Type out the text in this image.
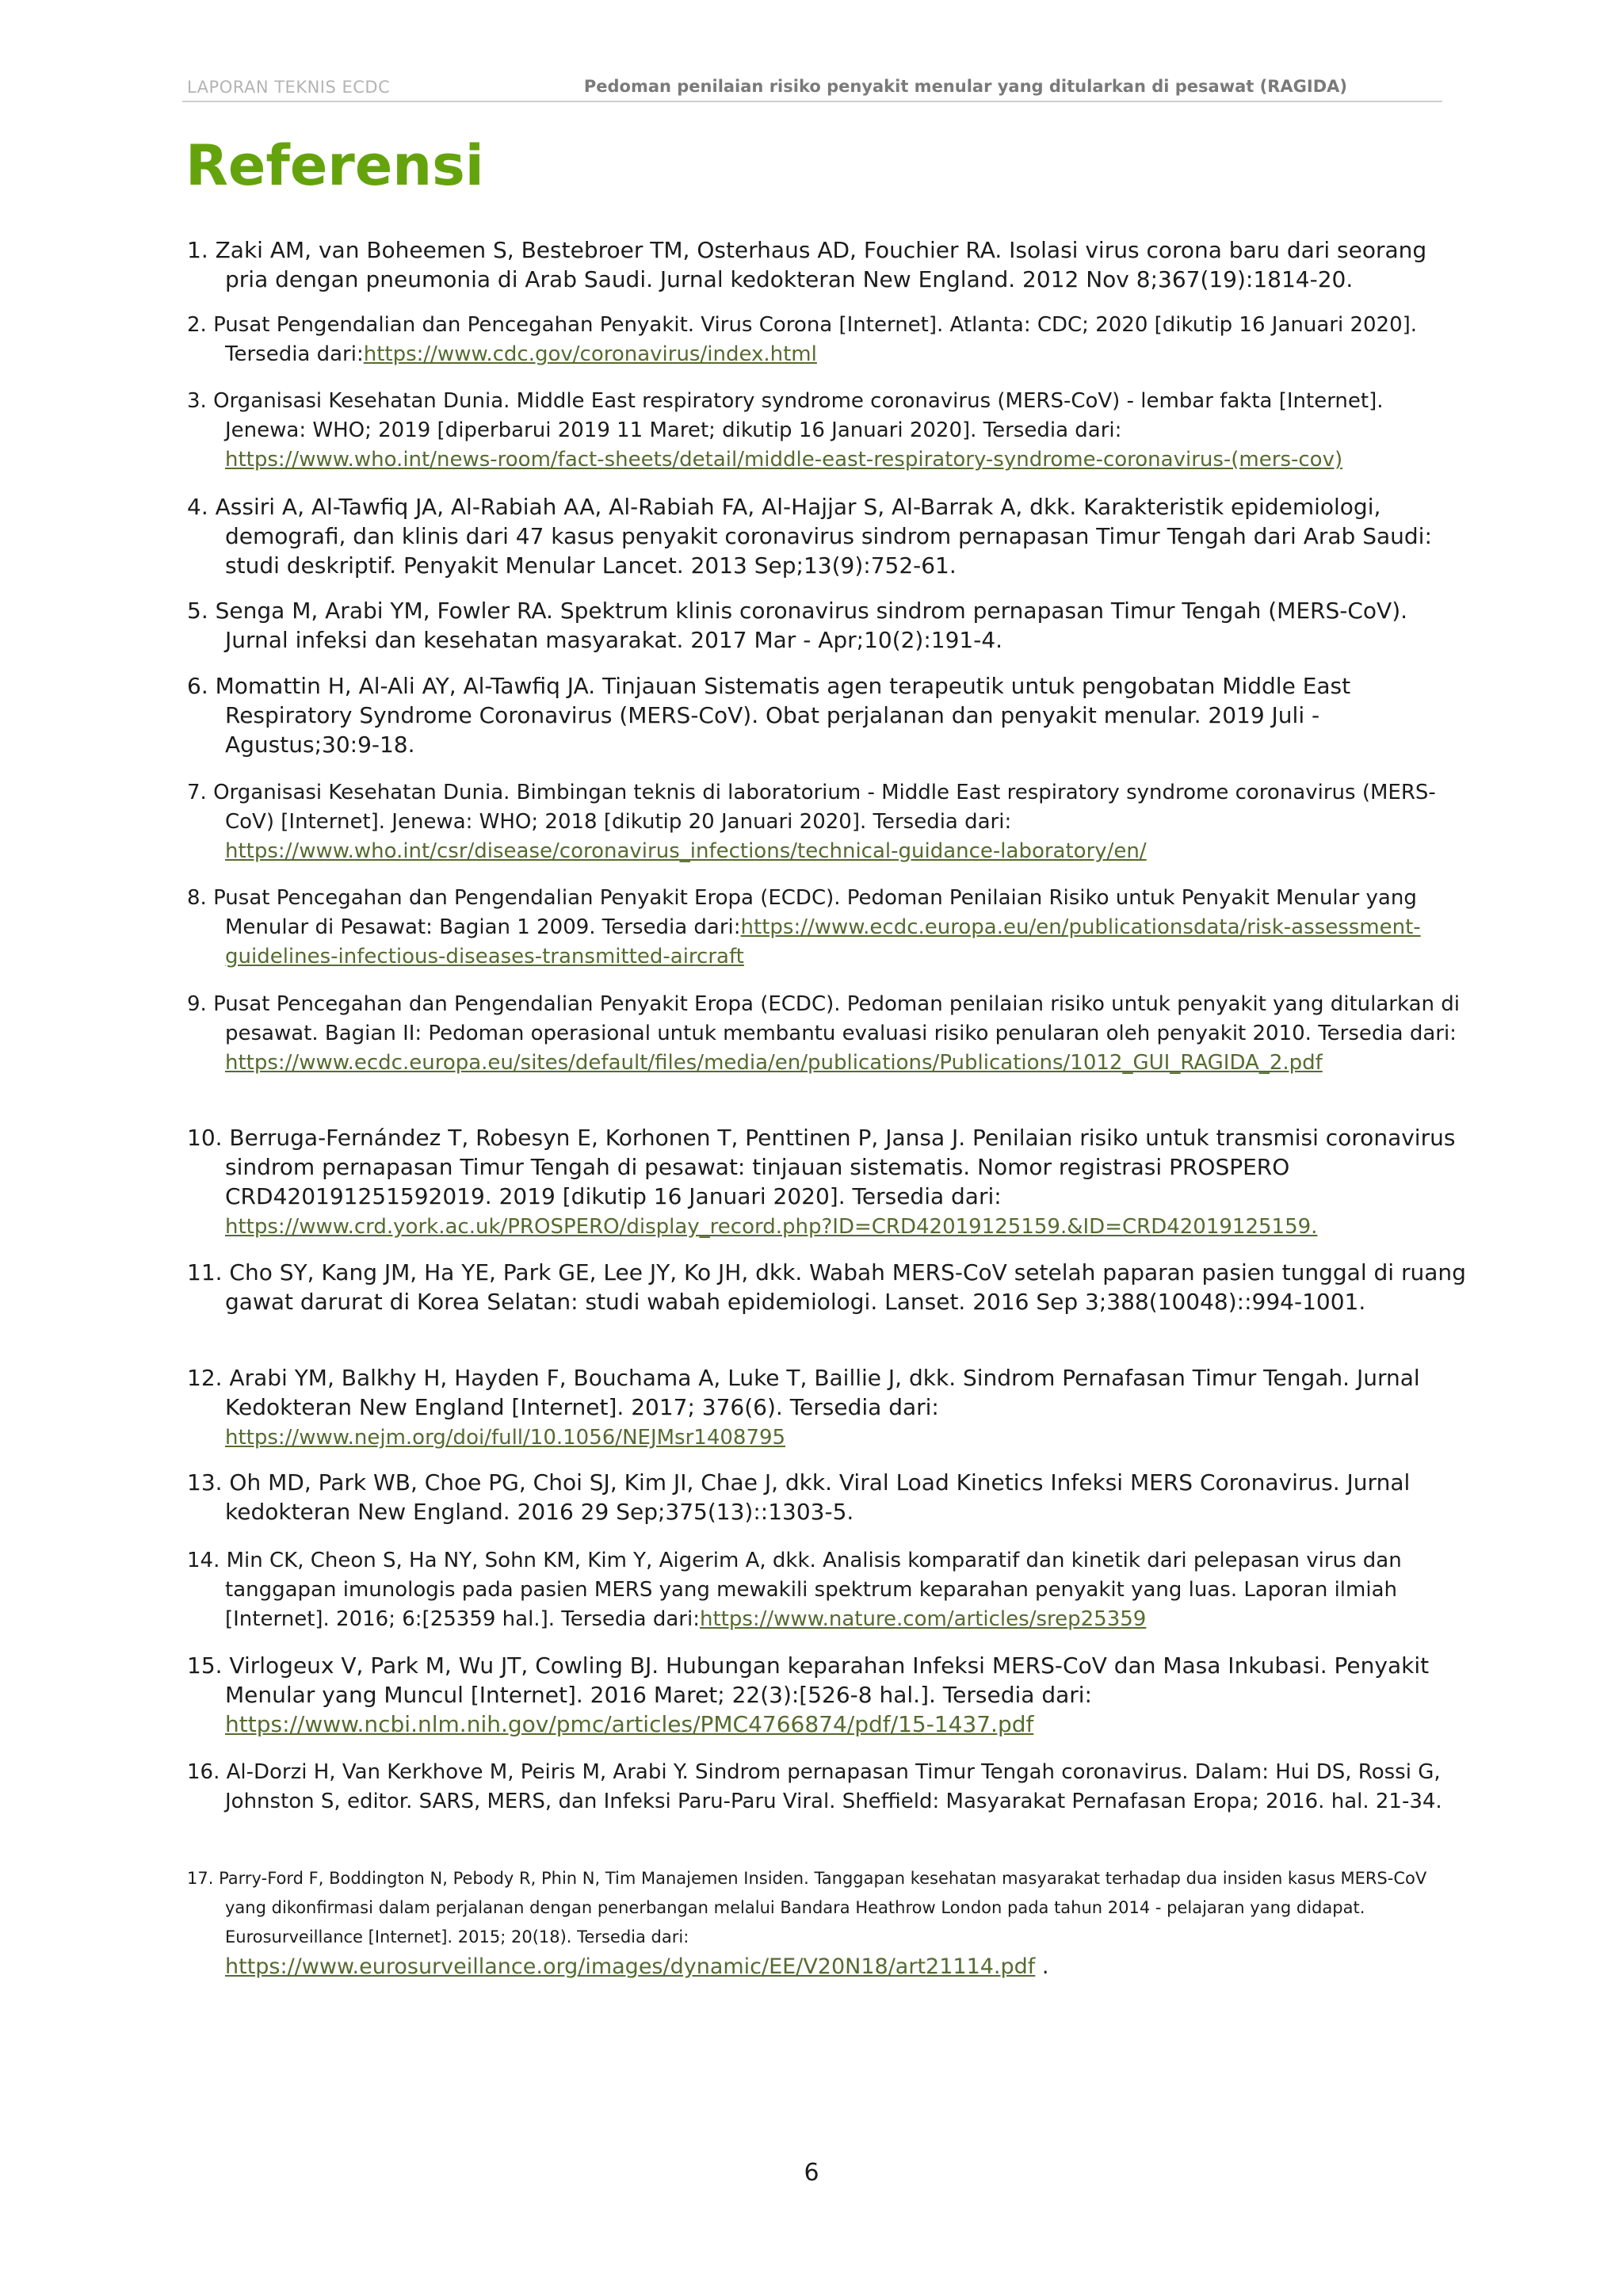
LAPORAN TEKNIS ECDC	Pedoman penilaian risiko penyakit menular yang ditularkan di pesawat (RAGIDA)
Referensi
1. Zaki AM, van Boheemen S, Bestebroer TM, Osterhaus AD, Fouchier RA. Isolasi virus corona baru dari seorang pria dengan pneumonia di Arab Saudi. Jurnal kedokteran New England. 2012 Nov 8;367(19):1814-20.
2. Pusat Pengendalian dan Pencegahan Penyakit. Virus Corona [Internet]. Atlanta: CDC; 2020 [dikutip 16 Januari 2020]. Tersedia dari:https://www.cdc.gov/coronavirus/index.html
3. Organisasi Kesehatan Dunia. Middle East respiratory syndrome coronavirus (MERS-CoV) - lembar fakta [Internet]. Jenewa: WHO; 2019 [diperbarui 2019 11 Maret; dikutip 16 Januari 2020]. Tersedia dari:
https://www.who.int/news-room/fact-sheets/detail/middle-east-respiratory-syndrome-coronavirus-(mers-cov)
4. Assiri A, Al-Tawfiq JA, Al-Rabiah AA, Al-Rabiah FA, Al-Hajjar S, Al-Barrak A, dkk. Karakteristik epidemiologi, demografi, dan klinis dari 47 kasus penyakit coronavirus sindrom pernapasan Timur Tengah dari Arab Saudi: studi deskriptif. Penyakit Menular Lancet. 2013 Sep;13(9):752-61.
5. Senga M, Arabi YM, Fowler RA. Spektrum klinis coronavirus sindrom pernapasan Timur Tengah (MERS-CoV). Jurnal infeksi dan kesehatan masyarakat. 2017 Mar - Apr;10(2):191-4.
6. Momattin H, Al-Ali AY, Al-Tawfiq JA. Tinjauan Sistematis agen terapeutik untuk pengobatan Middle East Respiratory Syndrome Coronavirus (MERS-CoV). Obat perjalanan dan penyakit menular. 2019 Juli - Agustus;30:9-18.
7. Organisasi Kesehatan Dunia. Bimbingan teknis di laboratorium - Middle East respiratory syndrome coronavirus (MERS-CoV) [Internet]. Jenewa: WHO; 2018 [dikutip 20 Januari 2020]. Tersedia dari:
https://www.who.int/csr/disease/coronavirus_infections/technical-guidance-laboratory/en/
8. Pusat Pencegahan dan Pengendalian Penyakit Eropa (ECDC). Pedoman Penilaian Risiko untuk Penyakit Menular yang Menular di Pesawat: Bagian 1 2009. Tersedia dari:https://www.ecdc.europa.eu/en/publicationsdata/risk-assessment-guidelines-infectious-diseases-transmitted-aircraft
9. Pusat Pencegahan dan Pengendalian Penyakit Eropa (ECDC). Pedoman penilaian risiko untuk penyakit yang ditularkan di pesawat. Bagian II: Pedoman operasional untuk membantu evaluasi risiko penularan oleh penyakit 2010. Tersedia dari:
https://www.ecdc.europa.eu/sites/default/files/media/en/publications/Publications/1012_GUI_RAGIDA_2.pdf
10. Berruga-Fernández T, Robesyn E, Korhonen T, Penttinen P, Jansa J. Penilaian risiko untuk transmisi coronavirus sindrom pernapasan Timur Tengah di pesawat: tinjauan sistematis. Nomor registrasi PROSPERO CRD420191251592019. 2019 [dikutip 16 Januari 2020]. Tersedia dari:
https://www.crd.york.ac.uk/PROSPERO/display_record.php?ID=CRD42019125159.&ID=CRD42019125159.
11. Cho SY, Kang JM, Ha YE, Park GE, Lee JY, Ko JH, dkk. Wabah MERS-CoV setelah paparan pasien tunggal di ruang gawat darurat di Korea Selatan: studi wabah epidemiologi. Lanset. 2016 Sep 3;388(10048)::994-1001.
12. Arabi YM, Balkhy H, Hayden F, Bouchama A, Luke T, Baillie J, dkk. Sindrom Pernafasan Timur Tengah. Jurnal Kedokteran New England [Internet]. 2017; 376(6). Tersedia dari:
https://www.nejm.org/doi/full/10.1056/NEJMsr1408795
13. Oh MD, Park WB, Choe PG, Choi SJ, Kim JI, Chae J, dkk. Viral Load Kinetics Infeksi MERS Coronavirus. Jurnal kedokteran New England. 2016 29 Sep;375(13)::1303-5.
14. Min CK, Cheon S, Ha NY, Sohn KM, Kim Y, Aigerim A, dkk. Analisis komparatif dan kinetik dari pelepasan virus dan tanggapan imunologis pada pasien MERS yang mewakili spektrum keparahan penyakit yang luas. Laporan ilmiah [Internet]. 2016; 6:[25359 hal.]. Tersedia dari:https://www.nature.com/articles/srep25359
15. Virlogeux V, Park M, Wu JT, Cowling BJ. Hubungan keparahan Infeksi MERS-CoV dan Masa Inkubasi. Penyakit Menular yang Muncul [Internet]. 2016 Maret; 22(3):[526-8 hal.]. Tersedia dari: https://www.ncbi.nlm.nih.gov/pmc/articles/PMC4766874/pdf/15-1437.pdf
16. Al-Dorzi H, Van Kerkhove M, Peiris M, Arabi Y. Sindrom pernapasan Timur Tengah coronavirus. Dalam: Hui DS, Rossi G, Johnston S, editor. SARS, MERS, dan Infeksi Paru-Paru Viral. Sheffield: Masyarakat Pernafasan Eropa; 2016. hal. 21-34.
17. Parry-Ford F, Boddington N, Pebody R, Phin N, Tim Manajemen Insiden. Tanggapan kesehatan masyarakat terhadap dua insiden kasus MERS-CoV yang dikonfirmasi dalam perjalanan dengan penerbangan melalui Bandara Heathrow London pada tahun 2014 - pelajaran yang didapat. Eurosurveillance [Internet]. 2015; 20(18). Tersedia dari:
https://www.eurosurveillance.org/images/dynamic/EE/V20N18/art21114.pdf .
6
